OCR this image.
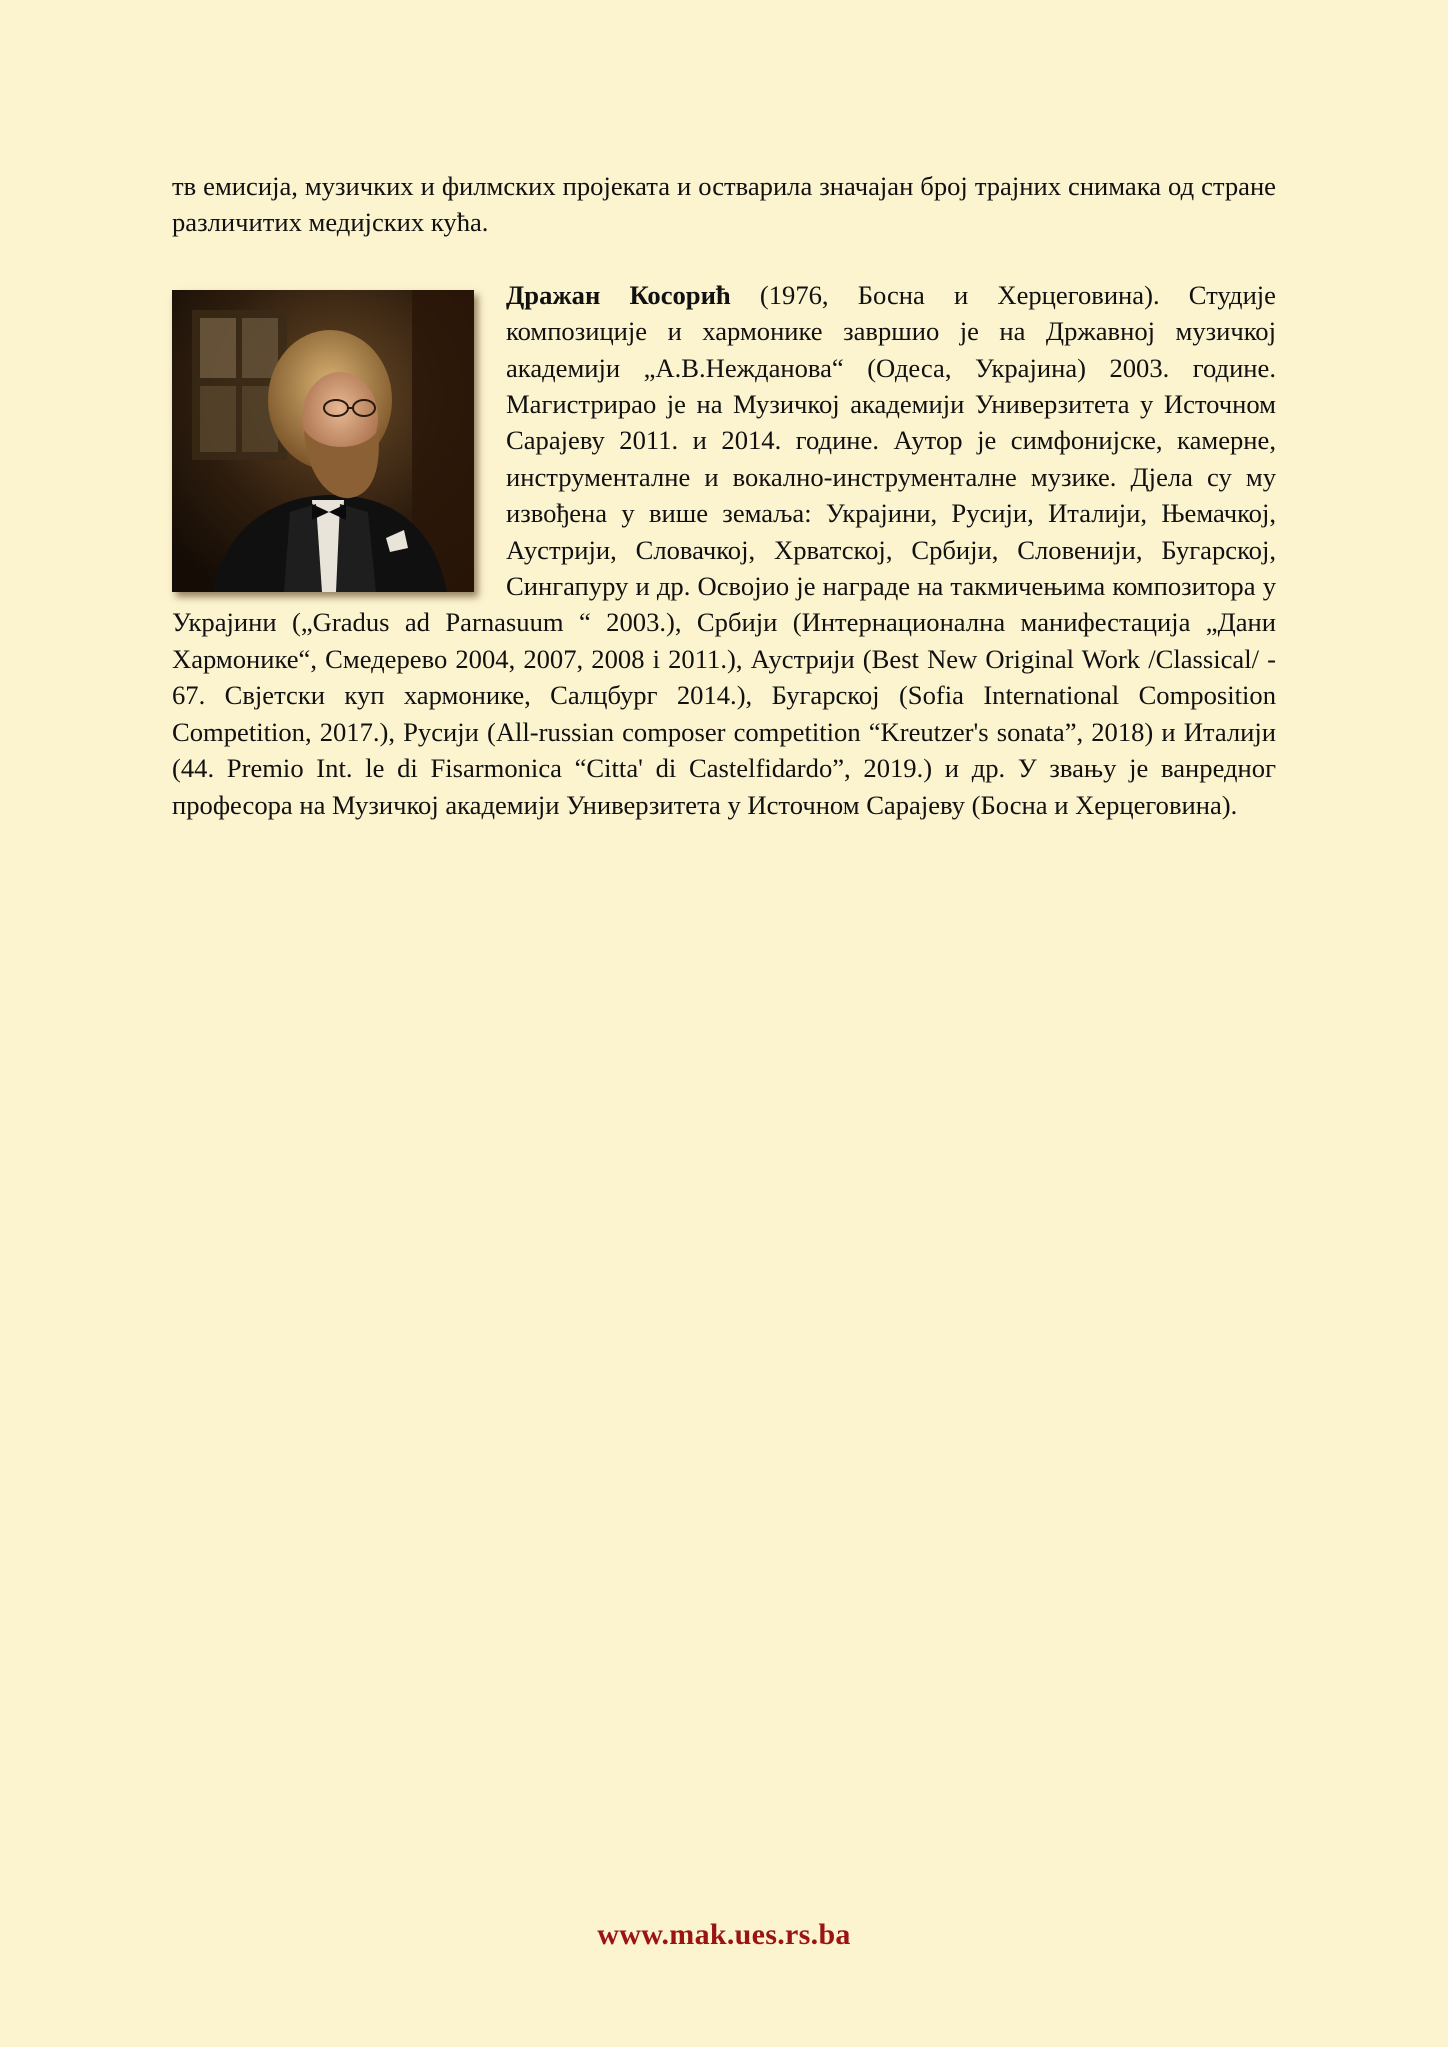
тв емисија, музичких и филмских пројеката и остварила значајан број трајних снимака од стране различитих медијских кућа.

Дражан Косорић (1976, Босна и Херцеговина). Студије композиције и хармонике завршио је на Државној музичкој академији „А.В.Нежданова“ (Одеса, Украјина) 2003. године. Магистрирао је на Музичкој академији Универзитета у Источном Сарајеву 2011. и 2014. године. Аутор је симфонијске, камерне, инструменталне и вокално-инструменталне музике. Дјела су му извођена у више земаља: Украјини, Русији, Италији, Њемачкој, Аустрији, Словачкој, Хрватској, Србији, Словенији, Бугарској, Сингапуру и др. Освојио је награде на такмичењима композитора у Украјини („Gradus ad Parnasuum “ 2003.), Србији (Интернационална манифестација „Дани Хармонике“, Смедерево 2004, 2007, 2008 i 2011.), Аустрији (Best New Original Work /Classical/ - 67. Свјетски куп хармонике, Салцбург 2014.), Бугарској (Sofia International Composition Competition, 2017.), Русији (All-russian composer competition “Kreutzer's sonata”, 2018) и Италији (44. Premio Int. le di Fisarmonica “Citta' di Castelfidardo”, 2019.) и др. У звању је ванредног професора на Музичкој академији Универзитета у Источном Сарајеву (Босна и Херцеговина).
www.mak.ues.rs.ba
